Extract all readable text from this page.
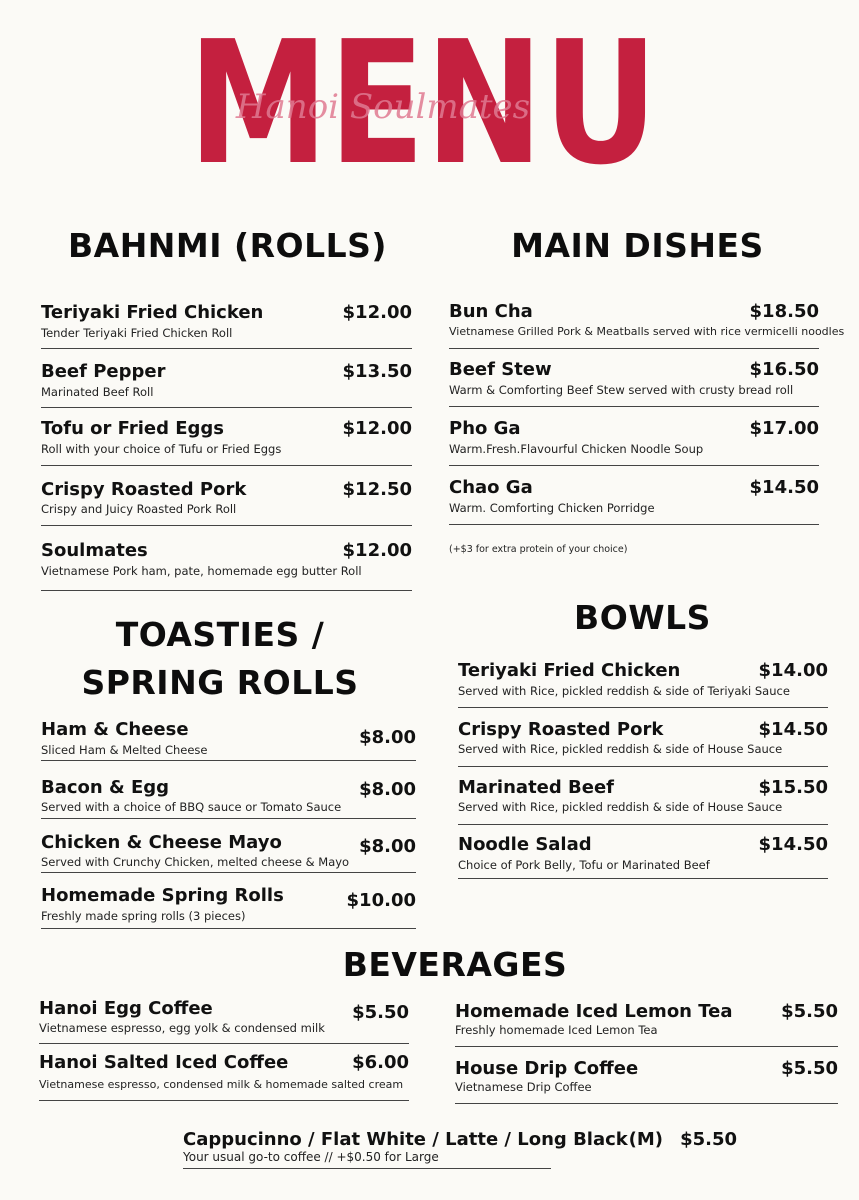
MENU
Hanoi Soulmates
BAHNMI (ROLLS)	MAIN DISHES
TOASTIES /
SPRING ROLLS
BOWLS
BEVERAGES
Teriyaki Fried Chicken	$12.00
Tender Teriyaki Fried Chicken Roll
Beef Pepper	$13.50
Marinated Beef Roll
Tofu or Fried Eggs	$12.00
Roll with your choice of Tufu or Fried Eggs
Crispy Roasted Pork	$12.50
Crispy and Juicy Roasted Pork Roll
Soulmates	$12.00
Vietnamese Pork ham, pate, homemade egg butter Roll
Bun Cha	$18.50
Vietnamese Grilled Pork & Meatballs served with rice vermicelli noodles
Beef Stew	$16.50
Warm & Comforting Beef Stew served with crusty bread roll
Pho Ga	$17.00
Warm.Fresh.Flavourful Chicken Noodle Soup
Chao Ga	$14.50
Warm. Comforting Chicken Porridge
(+$3 for extra protein of your choice)
Ham & Cheese	$8.00
Sliced Ham & Melted Cheese
Bacon & Egg	$8.00
Served with a choice of BBQ sauce or Tomato Sauce
Chicken & Cheese Mayo	$8.00
Served with Crunchy Chicken, melted cheese & Mayo
Homemade Spring Rolls	$10.00
Freshly made spring rolls (3 pieces)
Teriyaki Fried Chicken	$14.00
Served with Rice, pickled reddish & side of Teriyaki Sauce
Crispy Roasted Pork	$14.50
Served with Rice, pickled reddish & side of House Sauce
Marinated Beef	$15.50
Served with Rice, pickled reddish & side of House Sauce
Noodle Salad	$14.50
Choice of Pork Belly, Tofu or Marinated Beef
Hanoi Egg Coffee	$5.50
Vietnamese espresso, egg yolk & condensed milk
Hanoi Salted Iced Coffee	$6.00
Vietnamese espresso, condensed milk & homemade salted cream
Homemade Iced Lemon Tea	$5.50
Freshly homemade Iced Lemon Tea
House Drip Coffee	$5.50
Vietnamese Drip Coffee
Cappucinno / Flat White / Latte / Long Black (M) $5.50
Your usual go-to coffee // +$0.50 for Large
